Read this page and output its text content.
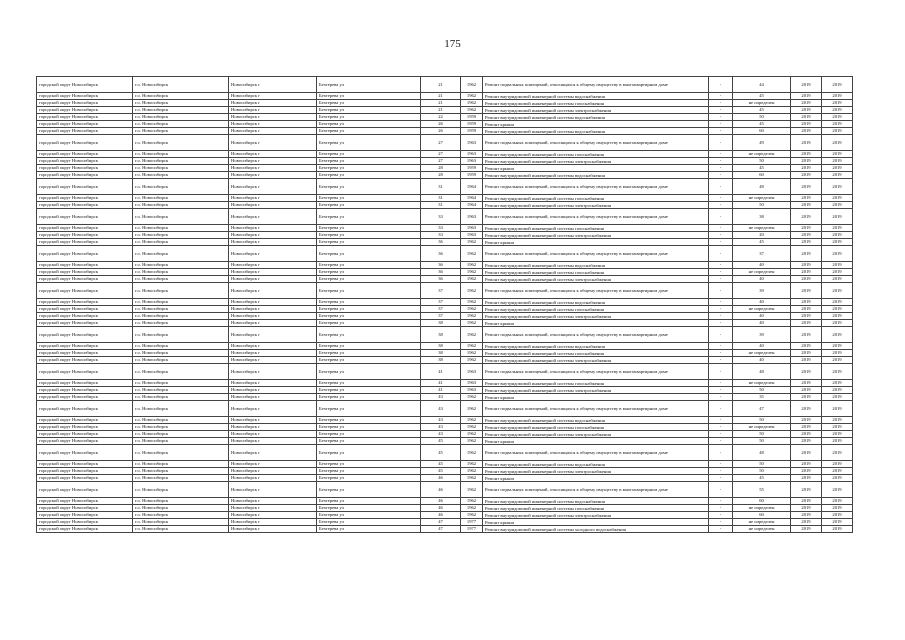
175
городской округ Новосибирск	г.о. Новосибирск	Новосибирск г	Бехтерева ул	21	1962	Ремонт подвальных помещений, относящихся к общему имуществу в многоквартирном доме	-	44	2019	2019
городской округ Новосибирск	г.о. Новосибирск	Новосибирск г	Бехтерева ул	21	1962	Ремонт внутридомовой инженерной системы водоснабжения	-	45	2019	2019
городской округ Новосибирск	г.о. Новосибирск	Новосибирск г	Бехтерева ул	21	1962	Ремонт внутридомовой инженерной системы газоснабжения	-	не определен	2019	2019
городской округ Новосибирск	г.о. Новосибирск	Новосибирск г	Бехтерева ул	21	1962	Ремонт внутридомовой инженерной системы электроснабжения	-	45	2019	2019
городской округ Новосибирск	г.о. Новосибирск	Новосибирск г	Бехтерева ул	22	1959	Ремонт внутридомовой инженерной системы водоснабжения	-	50	2019	2019
городской округ Новосибирск	г.о. Новосибирск	Новосибирск г	Бехтерева ул	26	1959	Ремонт крыши	-	45	2019	2019
городской округ Новосибирск	г.о. Новосибирск	Новосибирск г	Бехтерева ул	26	1959	Ремонт внутридомовой инженерной системы водоснабжения	-	60	2019	2019
городской округ Новосибирск	г.о. Новосибирск	Новосибирск г	Бехтерева ул	27	1963	Ремонт подвальных помещений, относящихся к общему имуществу в многоквартирном доме	-	49	2019	2019
городской округ Новосибирск	г.о. Новосибирск	Новосибирск г	Бехтерева ул	27	1963	Ремонт внутридомовой инженерной системы газоснабжения	-	не определен	2019	2019
городской округ Новосибирск	г.о. Новосибирск	Новосибирск г	Бехтерева ул	27	1963	Ремонт внутридомовой инженерной системы электроснабжения	-	50	2019	2019
городской округ Новосибирск	г.о. Новосибирск	Новосибирск г	Бехтерева ул	28	1959	Ремонт крыши	-	45	2019	2019
городской округ Новосибирск	г.о. Новосибирск	Новосибирск г	Бехтерева ул	28	1959	Ремонт внутридомовой инженерной системы водоснабжения	-	60	2019	2019
городской округ Новосибирск	г.о. Новосибирск	Новосибирск г	Бехтерева ул	31	1964	Ремонт подвальных помещений, относящихся к общему имуществу в многоквартирном доме	-	48	2019	2019
городской округ Новосибирск	г.о. Новосибирск	Новосибирск г	Бехтерева ул	31	1964	Ремонт внутридомовой инженерной системы газоснабжения	-	не определен	2019	2019
городской округ Новосибирск	г.о. Новосибирск	Новосибирск г	Бехтерева ул	31	1964	Ремонт внутридомовой инженерной системы электроснабжения	-	50	2019	2019
городской округ Новосибирск	г.о. Новосибирск	Новосибирск г	Бехтерева ул	33	1963	Ремонт подвальных помещений, относящихся к общему имуществу в многоквартирном доме	-	38	2019	2019
городской округ Новосибирск	г.о. Новосибирск	Новосибирск г	Бехтерева ул	33	1963	Ремонт внутридомовой инженерной системы газоснабжения	-	не определен	2019	2019
городской округ Новосибирск	г.о. Новосибирск	Новосибирск г	Бехтерева ул	33	1963	Ремонт внутридомовой инженерной системы электроснабжения	-	20	2019	2019
городской округ Новосибирск	г.о. Новосибирск	Новосибирск г	Бехтерева ул	36	1962	Ремонт крыши	-	45	2019	2019
городской округ Новосибирск	г.о. Новосибирск	Новосибирск г	Бехтерева ул	36	1962	Ремонт подвальных помещений, относящихся к общему имуществу в многоквартирном доме	-	37	2019	2019
городской округ Новосибирск	г.о. Новосибирск	Новосибирск г	Бехтерева ул	36	1962	Ремонт внутридомовой инженерной системы водоснабжения	-	40	2019	2019
городской округ Новосибирск	г.о. Новосибирск	Новосибирск г	Бехтерева ул	36	1962	Ремонт внутридомовой инженерной системы газоснабжения	-	не определен	2019	2019
городской округ Новосибирск	г.о. Новосибирск	Новосибирск г	Бехтерева ул	36	1962	Ремонт внутридомовой инженерной системы электроснабжения	-	40	2019	2019
городской округ Новосибирск	г.о. Новосибирск	Новосибирск г	Бехтерева ул	37	1962	Ремонт подвальных помещений, относящихся к общему имуществу в многоквартирном доме	-	39	2019	2019
городской округ Новосибирск	г.о. Новосибирск	Новосибирск г	Бехтерева ул	37	1962	Ремонт внутридомовой инженерной системы водоснабжения	-	40	2019	2019
городской округ Новосибирск	г.о. Новосибирск	Новосибирск г	Бехтерева ул	37	1962	Ремонт внутридомовой инженерной системы газоснабжения	-	не определен	2019	2019
городской округ Новосибирск	г.о. Новосибирск	Новосибирск г	Бехтерева ул	37	1962	Ремонт внутридомовой инженерной системы электроснабжения	-	40	2019	2019
городской округ Новосибирск	г.о. Новосибирск	Новосибирск г	Бехтерева ул	38	1962	Ремонт крыши	-	40	2019	2019
городской округ Новосибирск	г.о. Новосибирск	Новосибирск г	Бехтерева ул	38	1962	Ремонт подвальных помещений, относящихся к общему имуществу в многоквартирном доме	-	39	2019	2019
городской округ Новосибирск	г.о. Новосибирск	Новосибирск г	Бехтерева ул	38	1962	Ремонт внутридомовой инженерной системы водоснабжения	-	40	2019	2019
городской округ Новосибирск	г.о. Новосибирск	Новосибирск г	Бехтерева ул	38	1962	Ремонт внутридомовой инженерной системы газоснабжения	-	не определен	2019	2019
городской округ Новосибирск	г.о. Новосибирск	Новосибирск г	Бехтерева ул	38	1962	Ремонт внутридомовой инженерной системы электроснабжения	-	40	2019	2019
городской округ Новосибирск	г.о. Новосибирск	Новосибирск г	Бехтерева ул	41	1963	Ремонт подвальных помещений, относящихся к общему имуществу в многоквартирном доме	-	48	2019	2019
городской округ Новосибирск	г.о. Новосибирск	Новосибирск г	Бехтерева ул	41	1963	Ремонт внутридомовой инженерной системы газоснабжения	-	не определен	2019	2019
городской округ Новосибирск	г.о. Новосибирск	Новосибирск г	Бехтерева ул	41	1963	Ремонт внутридомовой инженерной системы электроснабжения	-	50	2019	2019
городской округ Новосибирск	г.о. Новосибирск	Новосибирск г	Бехтерева ул	43	1962	Ремонт крыши	-	35	2019	2019
городской округ Новосибирск	г.о. Новосибирск	Новосибирск г	Бехтерева ул	43	1962	Ремонт подвальных помещений, относящихся к общему имуществу в многоквартирном доме	-	47	2019	2019
городской округ Новосибирск	г.о. Новосибирск	Новосибирск г	Бехтерева ул	43	1962	Ремонт внутридомовой инженерной системы водоснабжения	-	50	2019	2019
городской округ Новосибирск	г.о. Новосибирск	Новосибирск г	Бехтерева ул	43	1962	Ремонт внутридомовой инженерной системы газоснабжения	-	не определен	2019	2019
городской округ Новосибирск	г.о. Новосибирск	Новосибирск г	Бехтерева ул	43	1962	Ремонт внутридомовой инженерной системы электроснабжения	-	50	2019	2019
городской округ Новосибирск	г.о. Новосибирск	Новосибирск г	Бехтерева ул	45	1962	Ремонт крыши	-	50	2019	2019
городской округ Новосибирск	г.о. Новосибирск	Новосибирск г	Бехтерева ул	45	1962	Ремонт подвальных помещений, относящихся к общему имуществу в многоквартирном доме	-	48	2019	2019
городской округ Новосибирск	г.о. Новосибирск	Новосибирск г	Бехтерева ул	45	1962	Ремонт внутридомовой инженерной системы водоснабжения	-	50	2019	2019
городской округ Новосибирск	г.о. Новосибирск	Новосибирск г	Бехтерева ул	45	1962	Ремонт внутридомовой инженерной системы электроснабжения	-	50	2019	2019
городской округ Новосибирск	г.о. Новосибирск	Новосибирск г	Бехтерева ул	46	1962	Ремонт крыши	-	45	2019	2019
городской округ Новосибирск	г.о. Новосибирск	Новосибирск г	Бехтерева ул	46	1962	Ремонт подвальных помещений, относящихся к общему имуществу в многоквартирном доме	-	55	2019	2019
городской округ Новосибирск	г.о. Новосибирск	Новосибирск г	Бехтерева ул	46	1962	Ремонт внутридомовой инженерной системы водоснабжения	-	60	2019	2019
городской округ Новосибирск	г.о. Новосибирск	Новосибирск г	Бехтерева ул	46	1962	Ремонт внутридомовой инженерной системы газоснабжения	-	не определен	2019	2019
городской округ Новосибирск	г.о. Новосибирск	Новосибирск г	Бехтерева ул	46	1962	Ремонт внутридомовой инженерной системы электроснабжения	-	60	2019	2019
городской округ Новосибирск	г.о. Новосибирск	Новосибирск г	Бехтерева ул	47	1977	Ремонт крыши	-	не определен	2019	2019
городской округ Новосибирск	г.о. Новосибирск	Новосибирск г	Бехтерева ул	47	1977	Ремонт внутридомовой инженерной системы холодного водоснабжения	-	не определен	2019	2019
